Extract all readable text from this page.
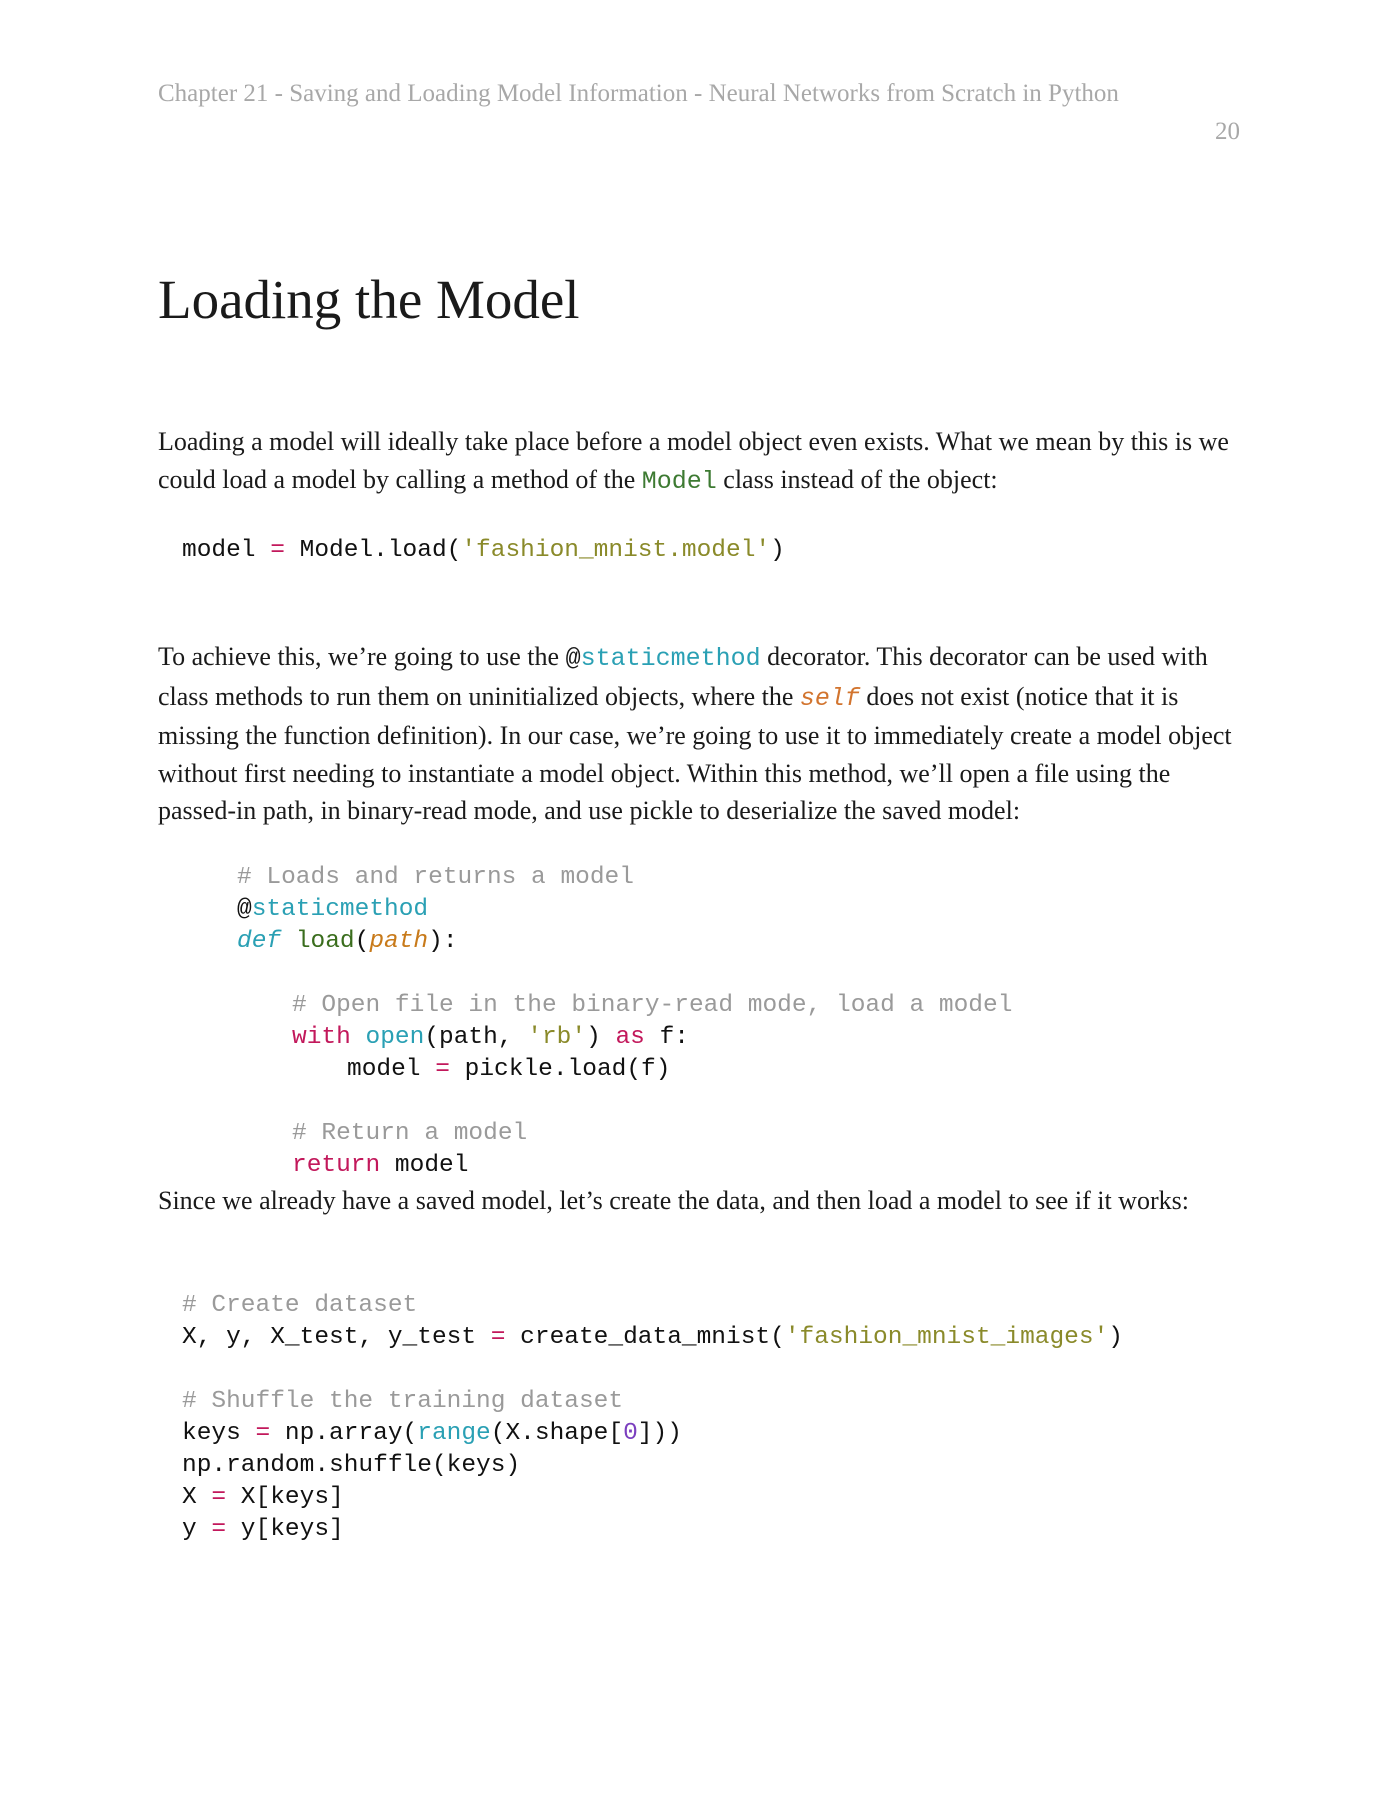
Chapter 21 - Saving and Loading Model Information - Neural Networks from Scratch in Python
20
Loading the Model

Loading a model will ideally take place before a model object even exists. What we mean by this is we could load a model by calling a method of the Model class instead of the object:

model = Model.load('fashion_mnist.model')

To achieve this, we’re going to use the @staticmethod decorator. This decorator can be used with class methods to run them on uninitialized objects, where the self does not exist (notice that it is missing the function definition). In our case, we’re going to use it to immediately create a model object without first needing to instantiate a model object. Within this method, we’ll open a file using the passed-in path, in binary-read mode, and use pickle to deserialize the saved model:

# Loads and returns a model

@staticmethod

def load(path):

# Open file in the binary-read mode, load a model

with open(path, 'rb') as f:

model = pickle.load(f)

# Return a model

return model

Since we already have a saved model, let’s create the data, and then load a model to see if it works:

# Create dataset

X, y, X_test, y_test = create_data_mnist('fashion_mnist_images')

# Shuffle the training dataset

keys = np.array(range(X.shape[0]))

np.random.shuffle(keys)

X = X[keys]

y = y[keys]
